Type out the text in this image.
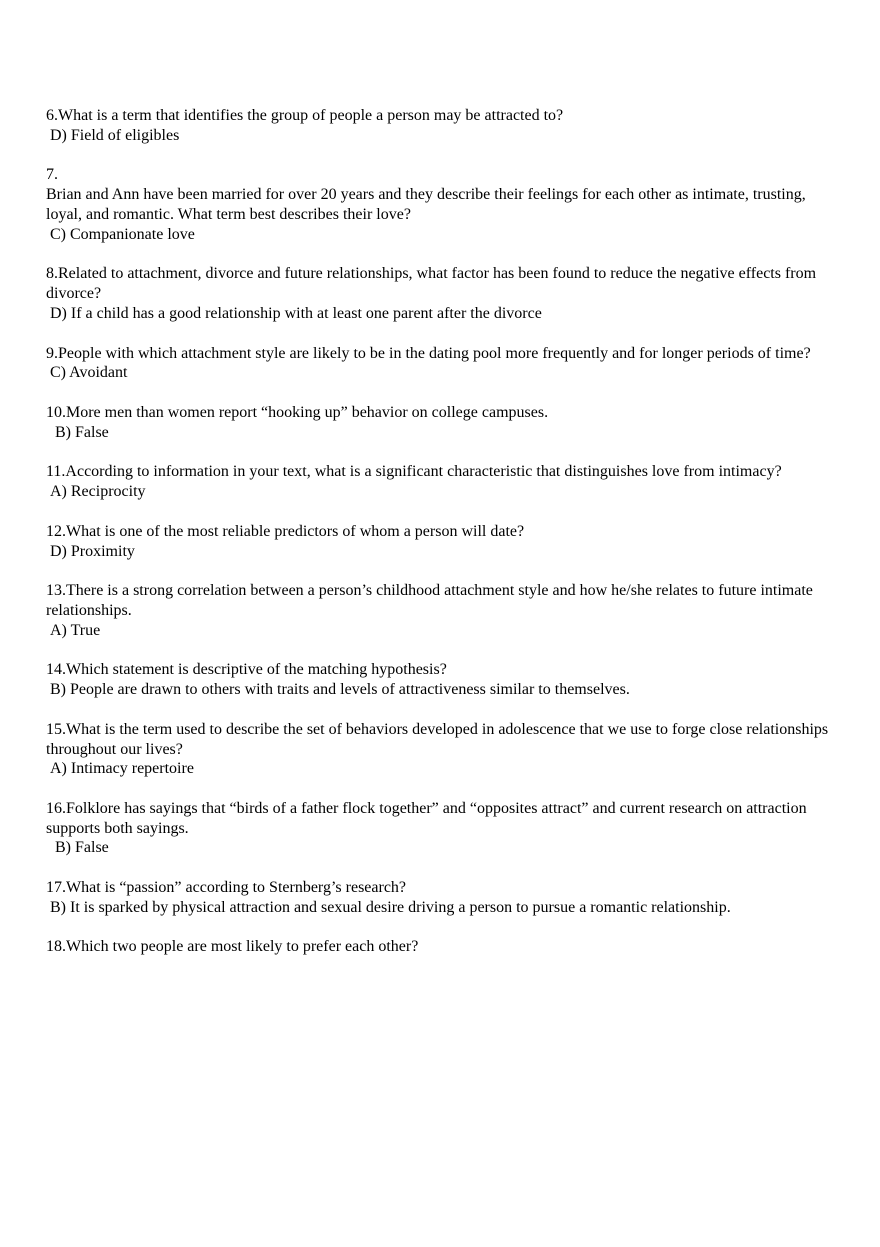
6.What is a term that identifies the group of people a person may be attracted to?
D) Field of eligibles
7.
Brian and Ann have been married for over 20 years and they describe their feelings for each other as intimate, trusting, loyal, and romantic. What term best describes their love?
C) Companionate love
8.Related to attachment, divorce and future relationships, what factor has been found to reduce the negative effects from divorce?
D) If a child has a good relationship with at least one parent after the divorce
9.People with which attachment style are likely to be in the dating pool more frequently and for longer periods of time?
C) Avoidant
10.More men than women report “hooking up” behavior on college campuses.
B) False
11.According to information in your text, what is a significant characteristic that distinguishes love from intimacy?
A) Reciprocity
12.What is one of the most reliable predictors of whom a person will date?
D) Proximity
13.There is a strong correlation between a person’s childhood attachment style and how he/she relates to future intimate relationships.
A) True
14.Which statement is descriptive of the matching hypothesis?
B) People are drawn to others with traits and levels of attractiveness similar to themselves.
15.What is the term used to describe the set of behaviors developed in adolescence that we use to forge close relationships throughout our lives?
A) Intimacy repertoire
16.Folklore has sayings that “birds of a father flock together” and “opposites attract” and current research on attraction supports both sayings.
B) False
17.What is “passion” according to Sternberg’s research?
B) It is sparked by physical attraction and sexual desire driving a person to pursue a romantic relationship.
18.Which two people are most likely to prefer each other?
